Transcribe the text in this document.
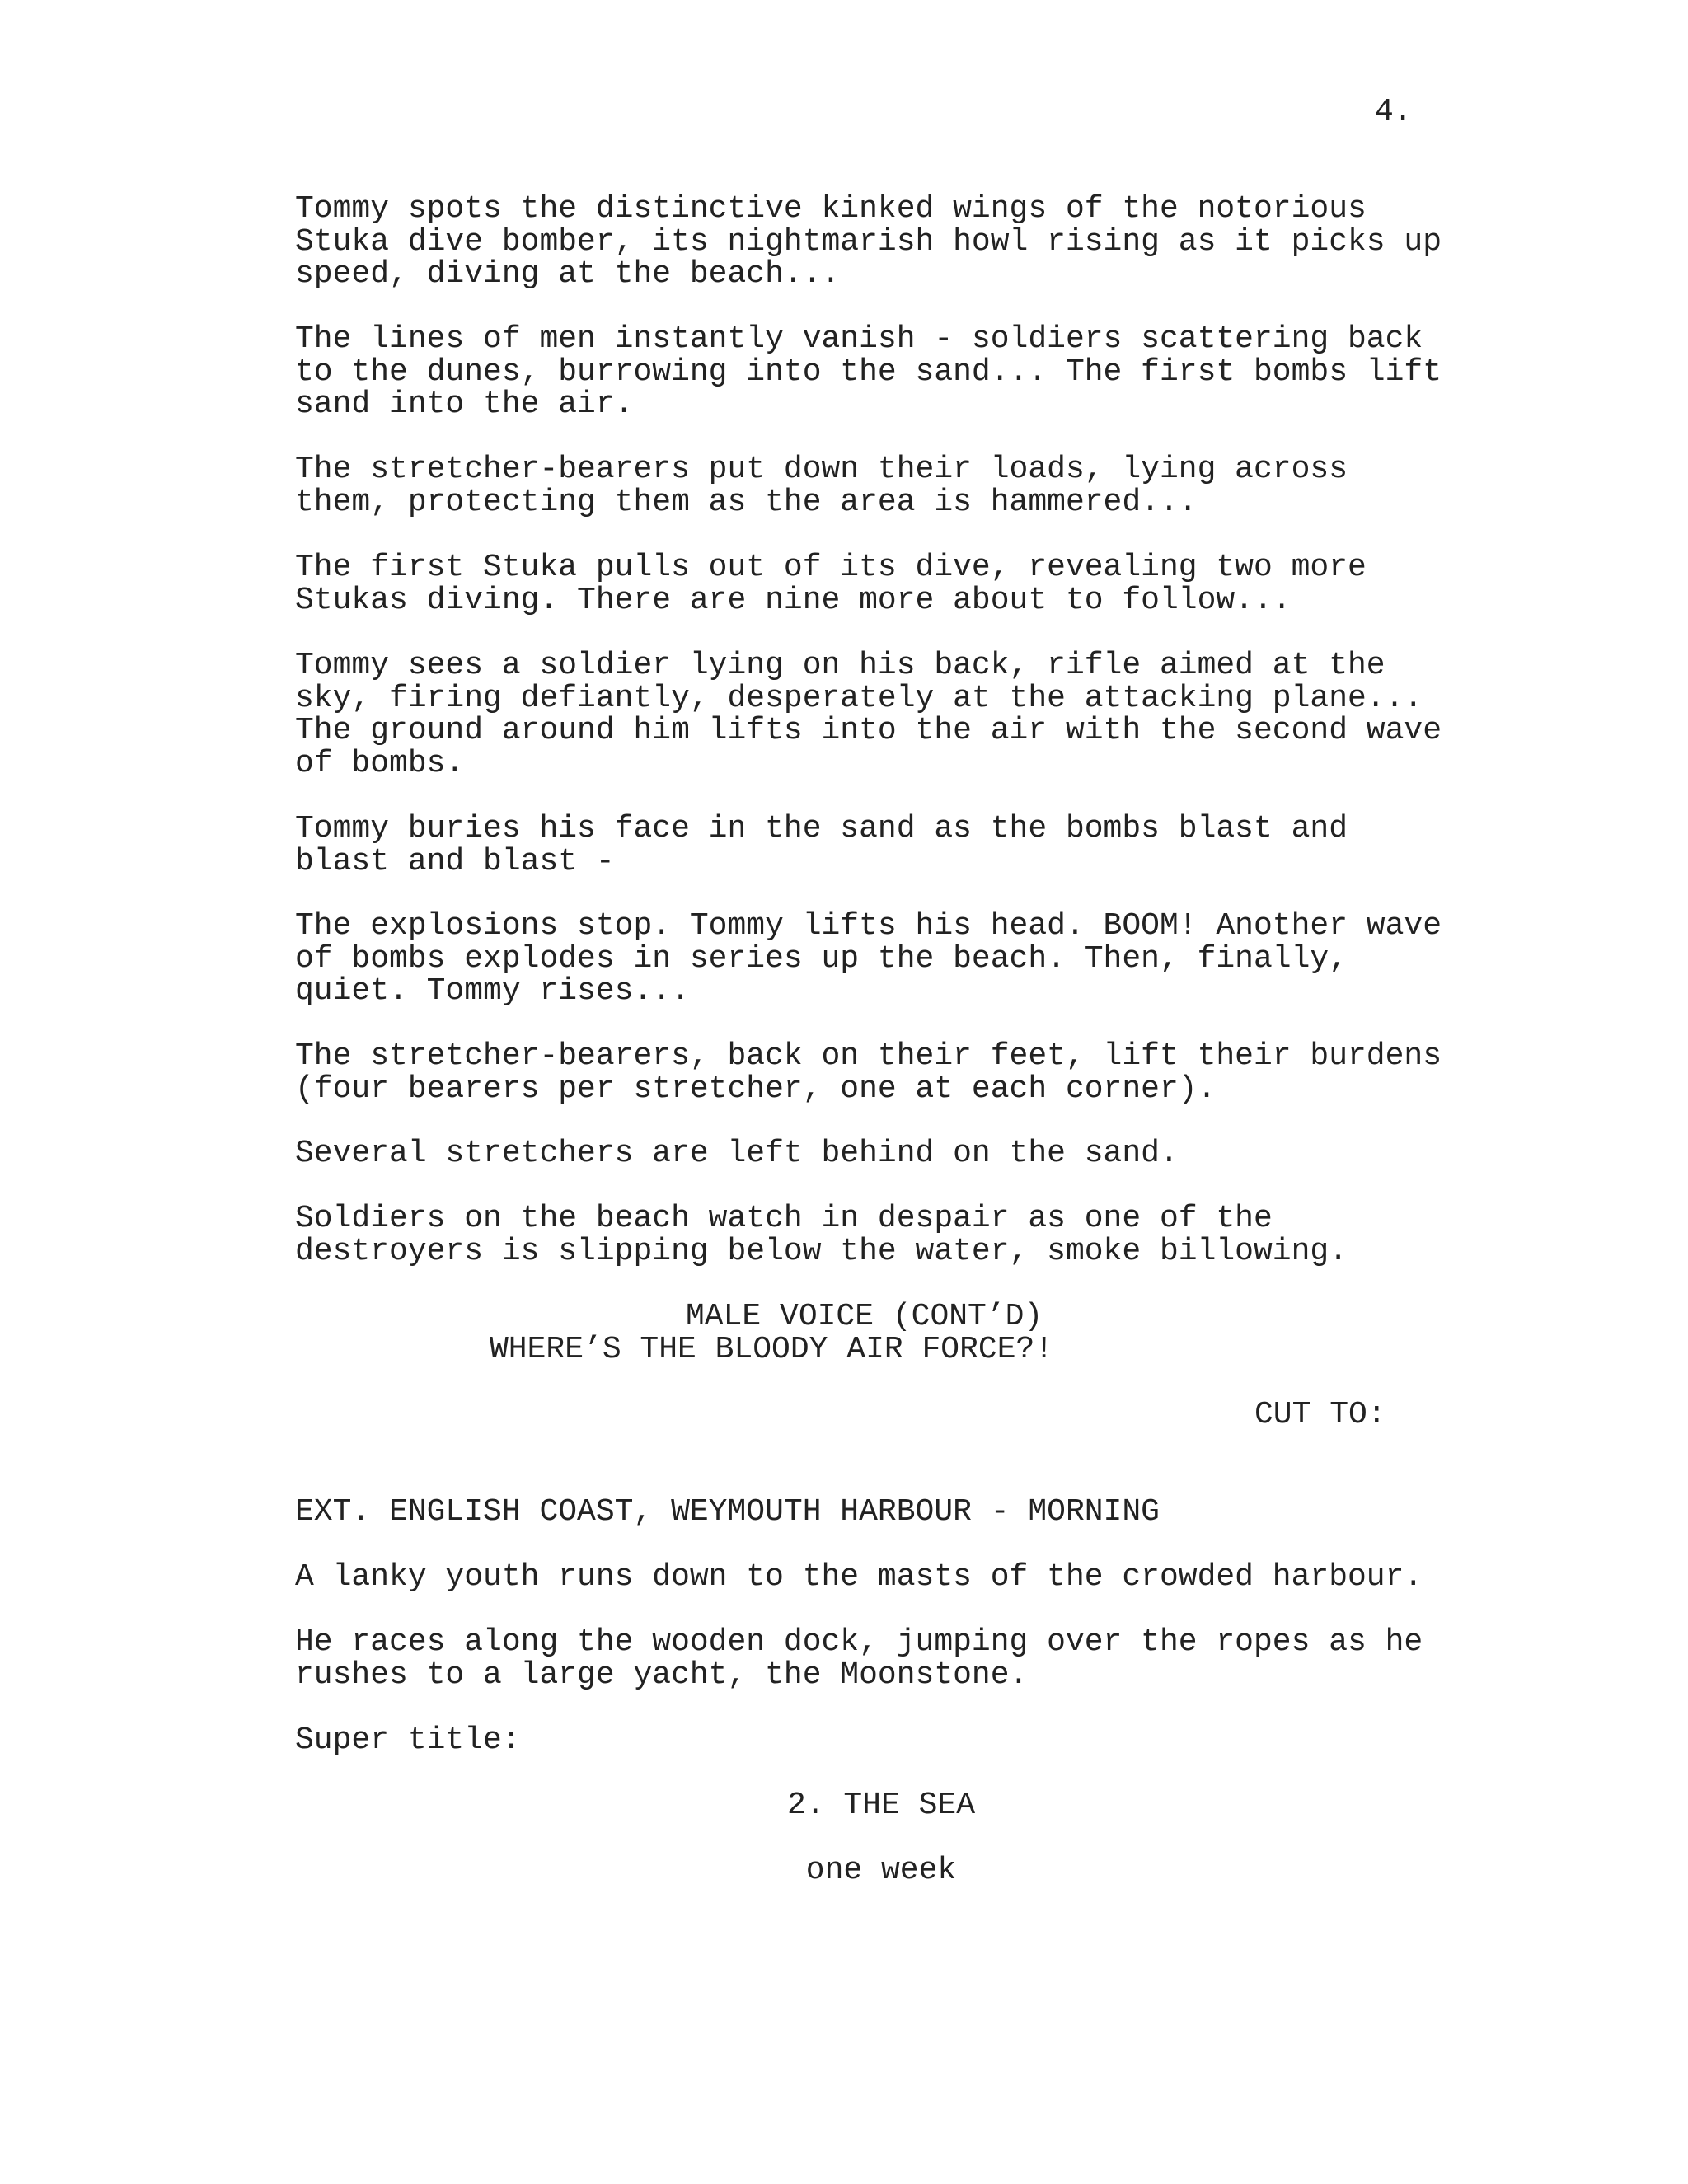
4.

Tommy spots the distinctive kinked wings of the notorious
Stuka dive bomber, its nightmarish howl rising as it picks up
speed, diving at the beach...

The lines of men instantly vanish - soldiers scattering back
to the dunes, burrowing into the sand... The first bombs lift
sand into the air.

The stretcher-bearers put down their loads, lying across
them, protecting them as the area is hammered...

The first Stuka pulls out of its dive, revealing two more
Stukas diving. There are nine more about to follow...

Tommy sees a soldier lying on his back, rifle aimed at the
sky, firing defiantly, desperately at the attacking plane...
The ground around him lifts into the air with the second wave
of bombs.

Tommy buries his face in the sand as the bombs blast and
blast and blast -

The explosions stop. Tommy lifts his head. BOOM! Another wave
of bombs explodes in series up the beach. Then, finally,
quiet. Tommy rises...

The stretcher-bearers, back on their feet, lift their burdens
(four bearers per stretcher, one at each corner).

Several stretchers are left behind on the sand.

Soldiers on the beach watch in despair as one of the
destroyers is slipping below the water, smoke billowing.

MALE VOICE (CONT’D)
WHERE’S THE BLOODY AIR FORCE?!
CUT TO:

EXT. ENGLISH COAST, WEYMOUTH HARBOUR - MORNING

A lanky youth runs down to the masts of the crowded harbour.

He races along the wooden dock, jumping over the ropes as he
rushes to a large yacht, the Moonstone.

Super title:

2. THE SEA
one week
